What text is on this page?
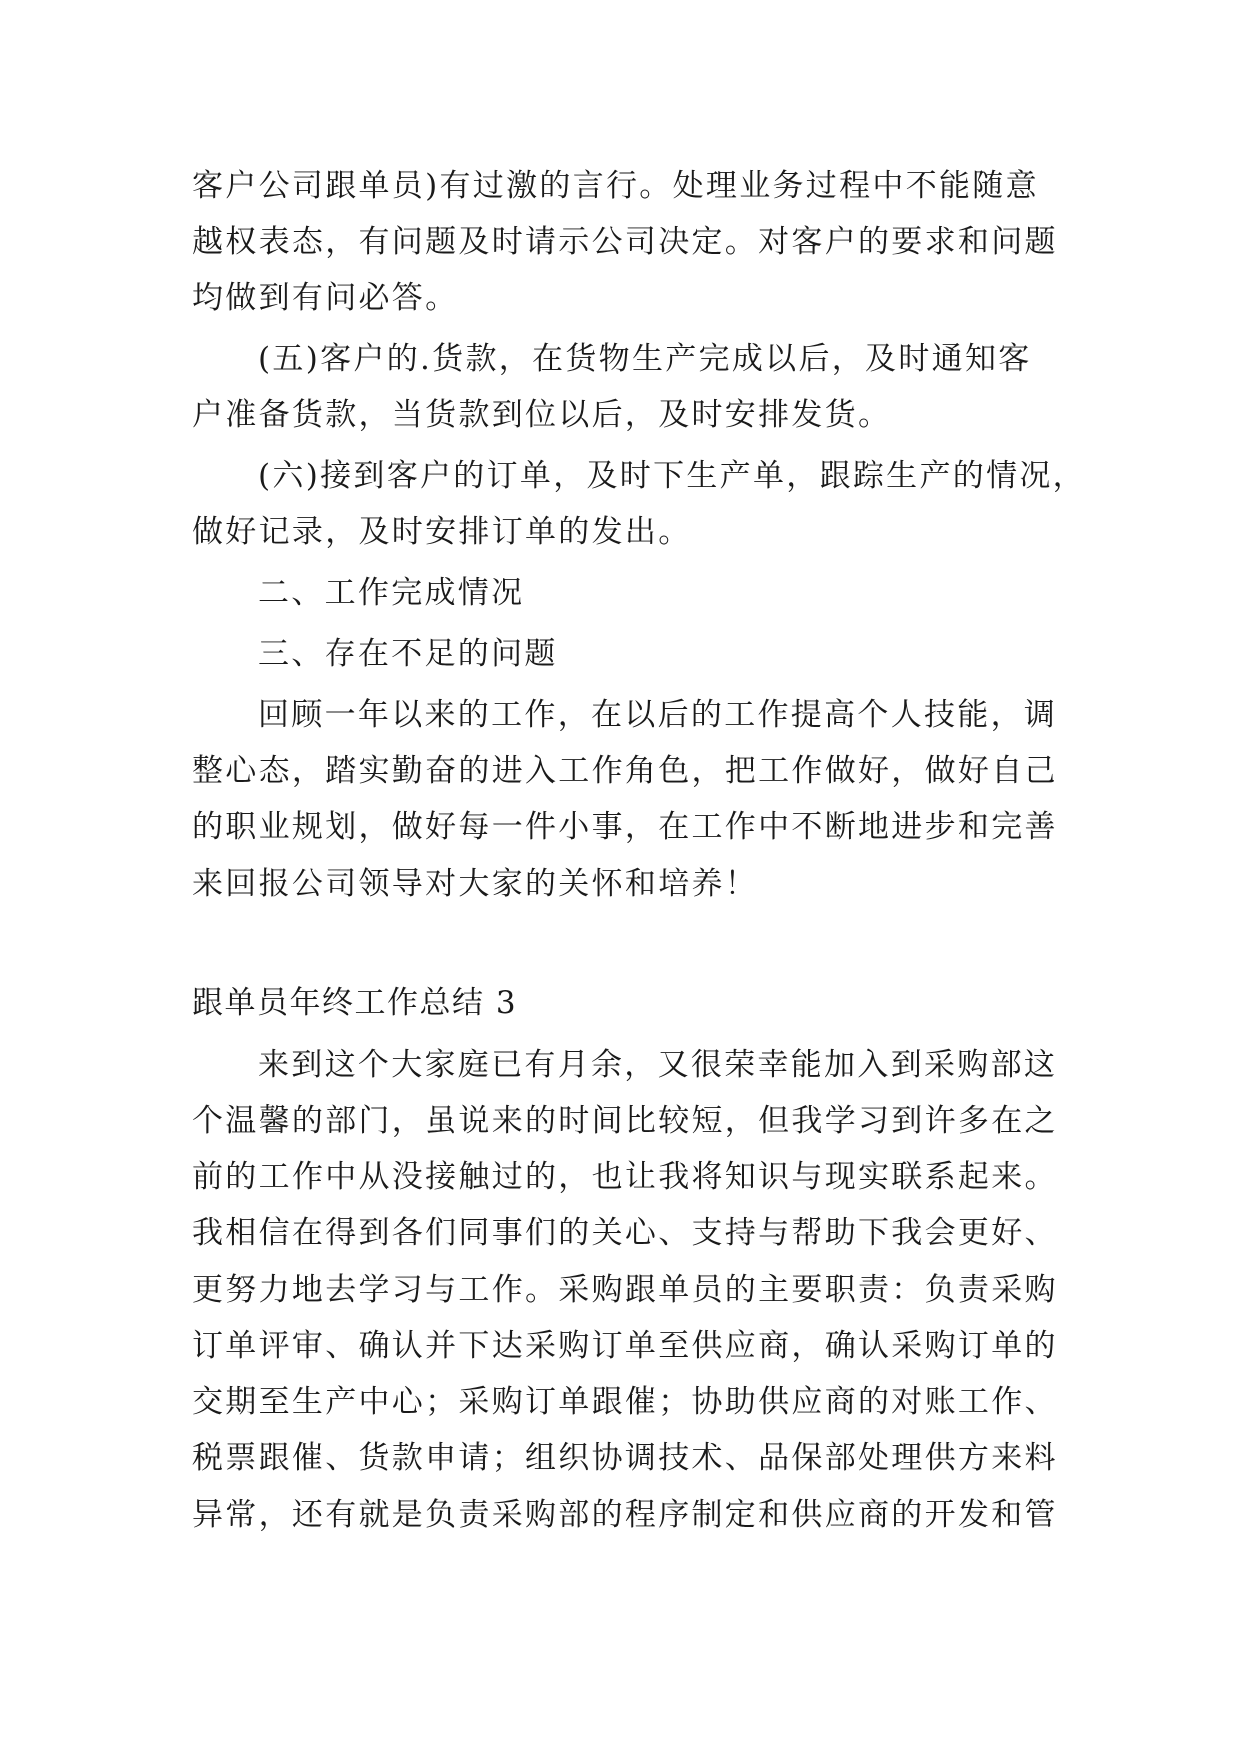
客户公司跟单员)有过激的言行。处理业务过程中不能随意
越权表态，有问题及时请示公司决定。对客户的要求和问题
均做到有问必答。
(五)客户的.货款，在货物生产完成以后，及时通知客
户准备货款，当货款到位以后，及时安排发货。
(六)接到客户的订单，及时下生产单，跟踪生产的情况，
做好记录，及时安排订单的发出。
二、工作完成情况
三、存在不足的问题
回顾一年以来的工作，在以后的工作提高个人技能，调
整心态，踏实勤奋的进入工作角色，把工作做好，做好自己
的职业规划，做好每一件小事，在工作中不断地进步和完善
来回报公司领导对大家的关怀和培养！
跟单员年终工作总结 3
来到这个大家庭已有月余，又很荣幸能加入到采购部这
个温馨的部门，虽说来的时间比较短，但我学习到许多在之
前的工作中从没接触过的，也让我将知识与现实联系起来。
我相信在得到各们同事们的关心、支持与帮助下我会更好、
更努力地去学习与工作。采购跟单员的主要职责：负责采购
订单评审、确认并下达采购订单至供应商，确认采购订单的
交期至生产中心；采购订单跟催；协助供应商的对账工作、
税票跟催、货款申请；组织协调技术、品保部处理供方来料
异常，还有就是负责采购部的程序制定和供应商的开发和管
